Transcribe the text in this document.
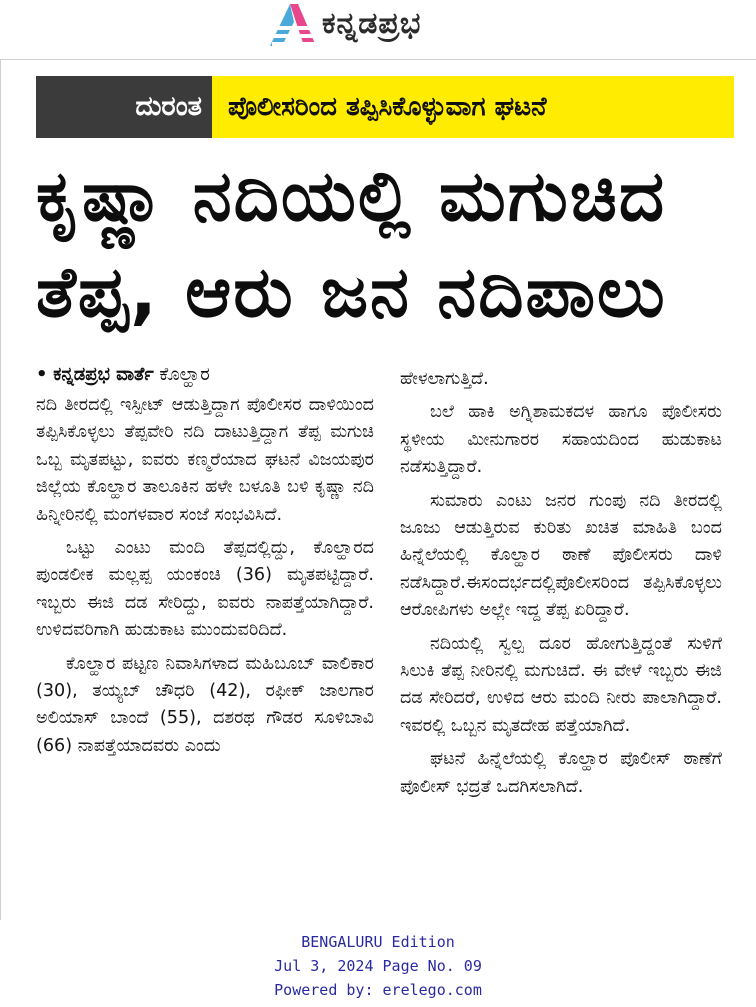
ಕನ್ನಡಪ್ರಭ
ದುರಂತ	ಪೊಲೀಸರಿಂದ ತಪ್ಪಿಸಿಕೊಳ್ಳುವಾಗ ಘಟನೆ
ಕೃಷ್ಣಾ ನದಿಯಲ್ಲಿ ಮಗುಚಿದ
ತೆಪ್ಪ, ಆರು ಜನ ನದಿಪಾಲು
• ಕನ್ನಡಪ್ರಭ ವಾರ್ತೆ ಕೊಲ್ಹಾರ

ನದಿ ತೀರದಲ್ಲಿ ಇಸ್ಪೀಟ್ ಆಡುತ್ತಿದ್ದಾಗ ಪೊಲೀಸರ ದಾಳಿಯಿಂದ ತಪ್ಪಿಸಿಕೊಳ್ಳಲು ತೆಪ್ಪವೇರಿ ನದಿ ದಾಟುತ್ತಿದ್ದಾಗ ತೆಪ್ಪ ಮಗುಚಿ ಒಬ್ಬ ಮೃತಪಟ್ಟು, ಐವರು ಕಣ್ಮರೆಯಾದ ಘಟನೆ ವಿಜಯಪುರ ಜಿಲ್ಲೆಯ ಕೊಲ್ಹಾರ ತಾಲೂಕಿನ ಹಳೇ ಬಳೂತಿ ಬಳಿ ಕೃಷ್ಣಾ ನದಿ ಹಿನ್ನೀರಿನಲ್ಲಿ ಮಂಗಳವಾರ ಸಂಜೆ ಸಂಭವಿಸಿದೆ.

ಒಟ್ಟು ಎಂಟು ಮಂದಿ ತೆಪ್ಪದಲ್ಲಿದ್ದು, ಕೊಲ್ಹಾರದ ಪುಂಡಲೀಕ ಮಲ್ಲಪ್ಪ ಯಂಕಂಚಿ (36) ಮೃತಪಟ್ಟಿದ್ದಾರೆ. ಇಬ್ಬರು ಈಜಿ ದಡ ಸೇರಿದ್ದು, ಐವರು ನಾಪತ್ತೆಯಾಗಿದ್ದಾರೆ. ಉಳಿದವರಿಗಾಗಿ ಹುಡುಕಾಟ ಮುಂದುವರಿದಿದೆ.

ಕೊಲ್ಹಾರ ಪಟ್ಟಣ ನಿವಾಸಿಗಳಾದ ಮಹಿಬೂಬ್ ವಾಲಿಕಾರ (30), ತಯ್ಯಬ್ ಚೌಧರಿ (42), ರಫೀಕ್ ಜಾಲಗಾರ ಅಲಿಯಾಸ್ ಬಾಂದೆ (55), ದಶರಥ ಗೌಡರ ಸೂಳಿಬಾವಿ (66) ನಾಪತ್ತೆಯಾದವರು ಎಂದು

ಹೇಳಲಾಗುತ್ತಿದೆ.

ಬಲೆ ಹಾಕಿ ಅಗ್ನಿಶಾಮಕದಳ ಹಾಗೂ ಪೊಲೀಸರು ಸ್ಥಳೀಯ ಮೀನುಗಾರರ ಸಹಾಯದಿಂದ ಹುಡುಕಾಟ ನಡೆಸುತ್ತಿದ್ದಾರೆ.

ಸುಮಾರು ಎಂಟು ಜನರ ಗುಂಪು ನದಿ ತೀರದಲ್ಲಿ ಜೂಜು ಆಡುತ್ತಿರುವ ಕುರಿತು ಖಚಿತ ಮಾಹಿತಿ ಬಂದ ಹಿನ್ನೆಲೆಯಲ್ಲಿ ಕೊಲ್ಹಾರ ಠಾಣೆ ಪೊಲೀಸರು ದಾಳಿ ನಡೆಸಿದ್ದಾರೆ.ಈಸಂದರ್ಭದಲ್ಲಿಪೊಲೀಸರಿಂದ ತಪ್ಪಿಸಿಕೊಳ್ಳಲು ಆರೋಪಿಗಳು ಅಲ್ಲೇ ಇದ್ದ ತೆಪ್ಪ ಏರಿದ್ದಾರೆ.

ನದಿಯಲ್ಲಿ ಸ್ವಲ್ಪ ದೂರ ಹೋಗುತ್ತಿದ್ದಂತೆ ಸುಳಿಗೆ ಸಿಲುಕಿ ತೆಪ್ಪ ನೀರಿನಲ್ಲಿ ಮಗುಚಿದೆ. ಈ ವೇಳೆ ಇಬ್ಬರು ಈಜಿ ದಡ ಸೇರಿದರೆ, ಉಳಿದ ಆರು ಮಂದಿ ನೀರು ಪಾಲಾಗಿದ್ದಾರೆ. ಇವರಲ್ಲಿ ಒಬ್ಬನ ಮೃತದೇಹ ಪತ್ತೆಯಾಗಿದೆ.

ಘಟನೆ ಹಿನ್ನೆಲೆಯಲ್ಲಿ ಕೊಲ್ಹಾರ ಪೊಲೀಸ್ ಠಾಣೆಗೆ ಪೊಲೀಸ್ ಭದ್ರತೆ ಒದಗಿಸಲಾಗಿದೆ.

BENGALURU Edition
Jul 3, 2024 Page No. 09
Powered by: erelego.com
